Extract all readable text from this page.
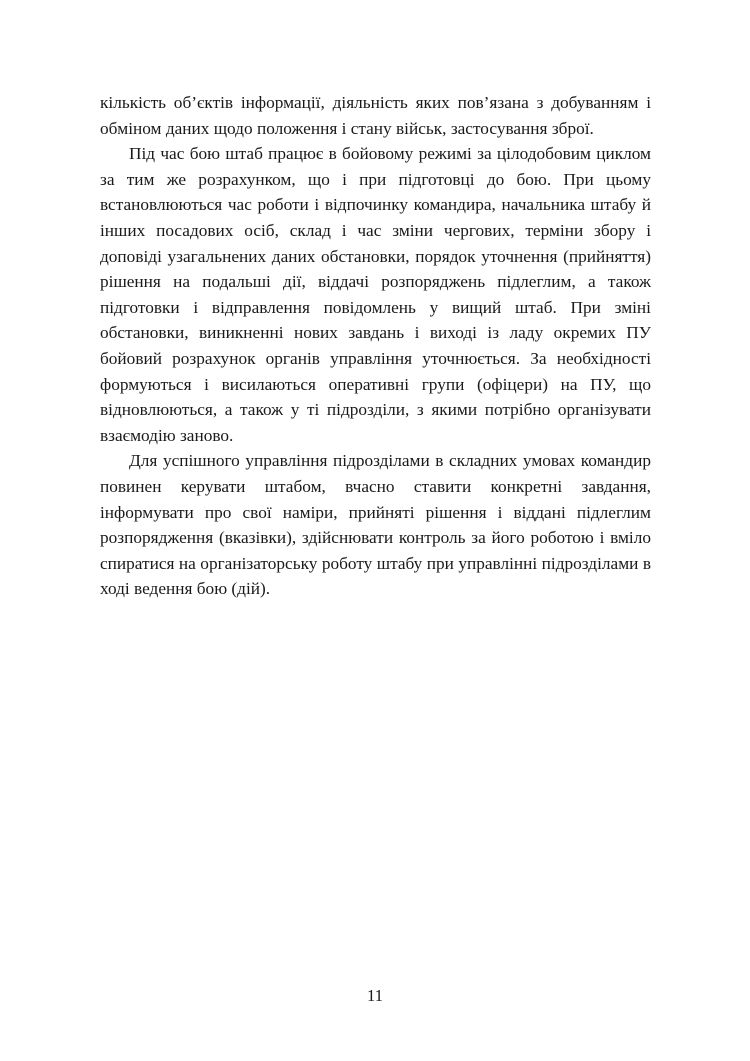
кількість об’єктів інформації, діяльність яких пов’язана з добуванням і обміном даних щодо положення і стану військ, застосування зброї.

Під час бою штаб працює в бойовому режимі за цілодобовим циклом за тим же розрахунком, що і при підготовці до бою. При цьому встановлюються час роботи і відпочинку командира, начальника штабу й інших посадових осіб, склад і час зміни чергових, терміни збору і доповіді узагальнених даних обстановки, порядок уточнення (прийняття) рішення на подальші дії, віддачі розпоряджень підлеглим, а також підготовки і відправлення повідомлень у вищий штаб. При зміні обстановки, виникненні нових завдань і виході із ладу окремих ПУ бойовий розрахунок органів управління уточнюється. За необхідності формуються і висилаються оперативні групи (офіцери) на ПУ, що відновлюються, а також у ті підрозділи, з якими потрібно організувати взаємодію заново.

Для успішного управління підрозділами в складних умовах командир повинен керувати штабом, вчасно ставити конкретні завдання, інформувати про свої наміри, прийняті рішення і віддані підлеглим розпорядження (вказівки), здійснювати контроль за його роботою і вміло спиратися на організаторську роботу штабу при управлінні підрозділами в ході ведення бою (дій).

11
